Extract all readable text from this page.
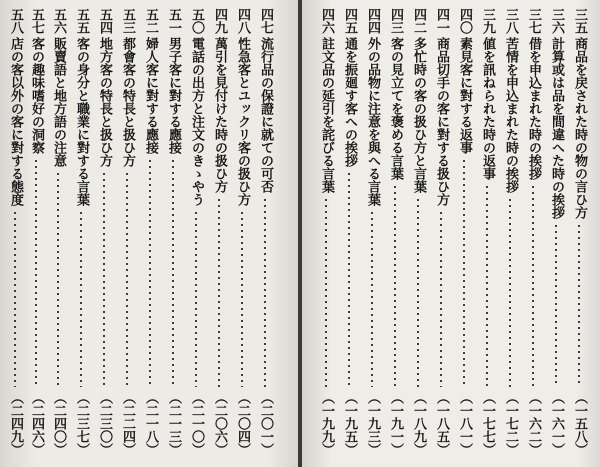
四七
流行品の保證に就ての可否
（二〇一）
四八
性急客とユックリ客の扱ひ方
（二〇四）
四九
萬引を見付けた時の扱ひ方
（二〇六）
五〇
電話の出方と注文のきゝやう
（二一〇）
五一
男子客に對する應接
（二一三）
五二
婦人客に對する應接
（二一八）
五三
都會客の特長と扱ひ方
（二二四）
五四
地方客の特長と扱ひ方
（二三〇）
五五
客の身分と職業に對する言葉
（二三七）
五六
販賣語と地方語の注意
（二四〇）
五七
客の趣味嗜好の洞察
（二四六）
五八
店の客以外の客に對する態度
（二四九）
三五
商品を戻された時の物の言ひ方
（一五八）
三六
計算或は品を間違へた時の挨拶
（一六一）
三七
借を申込まれた時の挨拶
（一六二）
三八
苦情を申込まれた時の挨拶
（一七二）
三九
値を訊ねられた時の返事
（一七七）
四〇
素見客に對する返事
（一八一）
四一
商品切手の客に對する扱ひ方
（一八五）
四二
多忙時の客の扱ひ方と言葉
（一八九）
四三
客の見立てを褒める言葉
（一九一）
四四
外の品物に注意を與へる言葉
（一九三）
四五
通を振廻す客への挨拶
（一九五）
四六
註文品の延引を詫びる言葉
（一九九）
